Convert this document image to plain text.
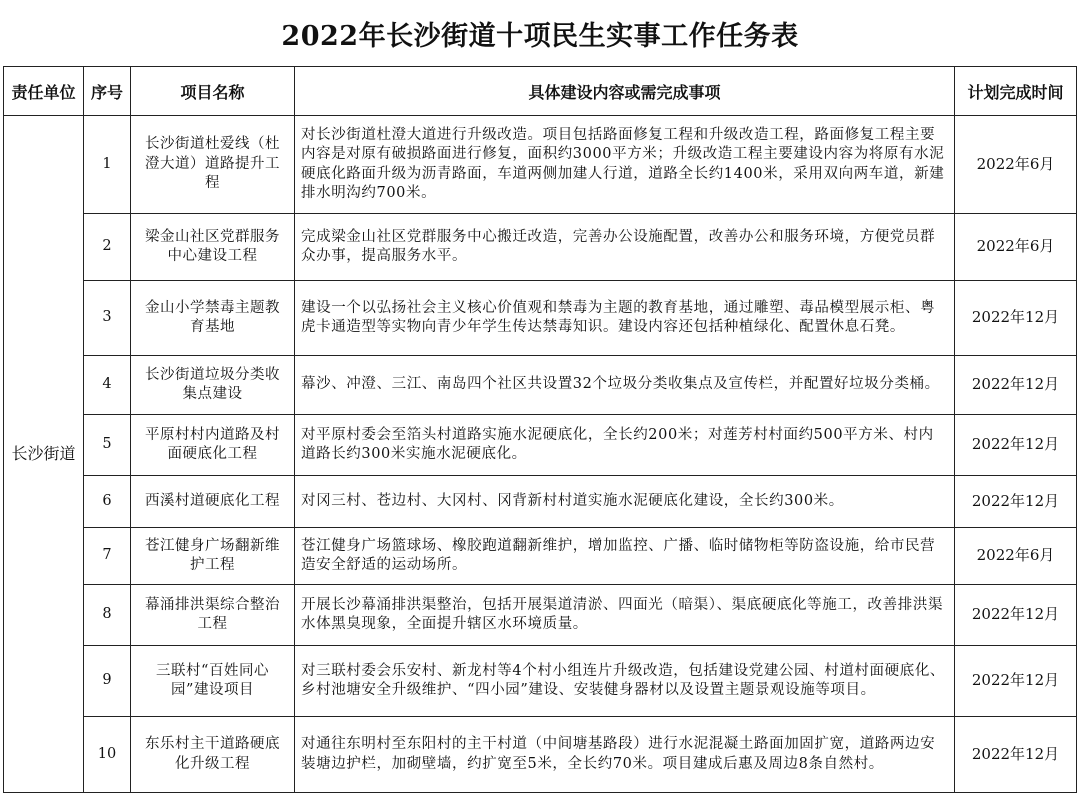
2022年长沙街道十项民生实事工作任务表
责任单位	序号	项目名称	具体建设内容或需完成事项	计划完成时间
长沙街道	1	长沙街道杜爱线（杜澄大道）道路提升工程	对长沙街道杜澄大道进行升级改造。项目包括路面修复工程和升级改造工程，路面修复工程主要内容是对原有破损路面进行修复，面积约3000平方米；升级改造工程主要建设内容为将原有水泥硬底化路面升级为沥青路面，车道两侧加建人行道，道路全长约1400米，采用双向两车道，新建排水明沟约700米。	2022年6月
	2	梁金山社区党群服务中心建设工程	完成梁金山社区党群服务中心搬迁改造，完善办公设施配置，改善办公和服务环境，方便党员群众办事，提高服务水平。	2022年6月
	3	金山小学禁毒主题教育基地	建设一个以弘扬社会主义核心价值观和禁毒为主题的教育基地，通过雕塑、毒品模型展示柜、粤虎卡通造型等实物向青少年学生传达禁毒知识。建设内容还包括种植绿化、配置休息石凳。	2022年12月
	4	长沙街道垃圾分类收集点建设	幕沙、冲澄、三江、南岛四个社区共设置32个垃圾分类收集点及宣传栏，并配置好垃圾分类桶。	2022年12月
	5	平原村村内道路及村面硬底化工程	对平原村委会至箔头村道路实施水泥硬底化，全长约200米；对莲芳村村面约500平方米、村内道路长约300米实施水泥硬底化。	2022年12月
	6	西溪村道硬底化工程	对冈三村、苍边村、大冈村、冈背新村村道实施水泥硬底化建设，全长约300米。	2022年12月
	7	苍江健身广场翻新维护工程	苍江健身广场篮球场、橡胶跑道翻新维护，增加监控、广播、临时储物柜等防盗设施，给市民营造安全舒适的运动场所。	2022年6月
	8	幕涌排洪渠综合整治工程	开展长沙幕涌排洪渠整治，包括开展渠道清淤、四面光（暗渠）、渠底硬底化等施工，改善排洪渠水体黑臭现象，全面提升辖区水环境质量。	2022年12月
	9	三联村“百姓同心园”建设项目	对三联村委会乐安村、新龙村等4个村小组连片升级改造，包括建设党建公园、村道村面硬底化、乡村池塘安全升级维护、“四小园”建设、安装健身器材以及设置主题景观设施等项目。	2022年12月
	10	东乐村主干道路硬底化升级工程	对通往东明村至东阳村的主干村道（中间塘基路段）进行水泥混凝土路面加固扩宽，道路两边安装塘边护栏，加砌壁墙，约扩宽至5米，全长约70米。项目建成后惠及周边8条自然村。	2022年12月
